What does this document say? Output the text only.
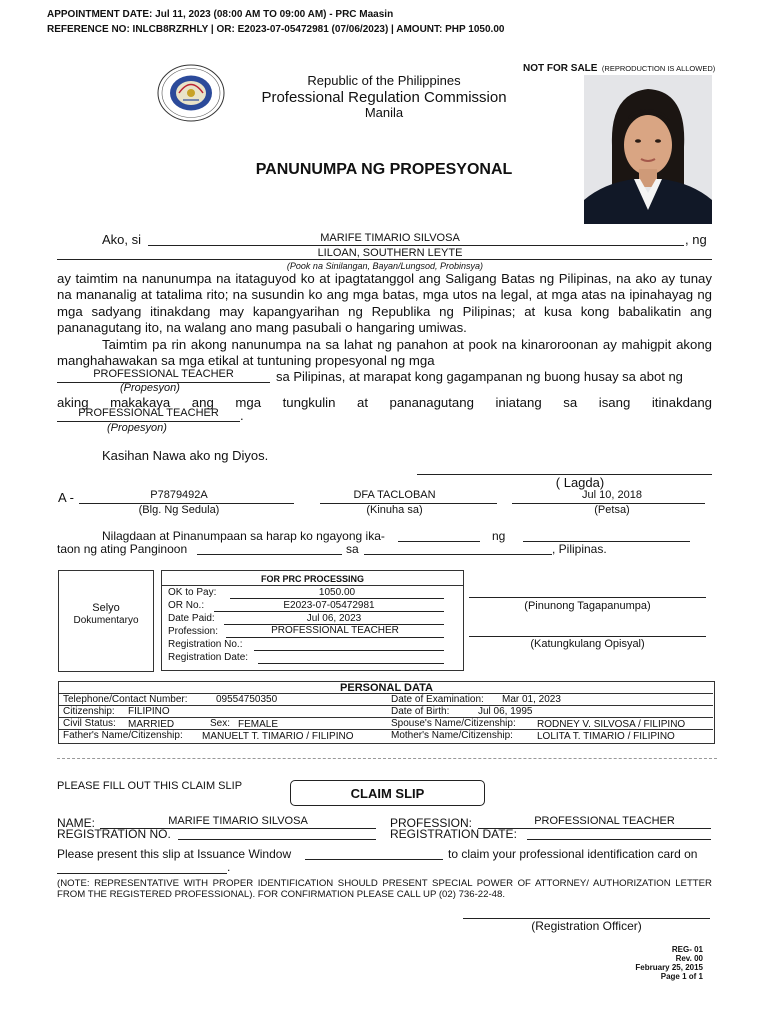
APPOINTMENT DATE: Jul 11, 2023 (08:00 AM TO 09:00 AM) - PRC Maasin
REFERENCE NO: INLCB8RZRHLY | OR: E2023-07-05472981 (07/06/2023) | AMOUNT: PHP 1050.00
NOT FOR SALE (REPRODUCTION IS ALLOWED)
Republic of the Philippines
Professional Regulation Commission
Manila
PANUNUMPA NG PROPESYONAL
Ako, si	MARIFE TIMARIO SILVOSA	, ng
LILOAN, SOUTHERN LEYTE
(Pook na Sinilangan, Bayan/Lungsod, Probinsya)
ay taimtim na nanunumpa na itataguyod ko at ipagtatanggol ang Saligang Batas ng Pilipinas, na ako ay tunay na mananalig at tatalima rito; na susundin ko ang mga batas, mga utos na legal, at mga atas na ipinahayag ng mga sadyang itinakdang may kapangyarihan ng Republika ng Pilipinas; at kusa kong babalikatin ang pananagutang ito, na walang ano mang pasubali o hangaring umiwas.
Taimtim pa rin akong nanunumpa na sa lahat ng panahon at pook na kinaroroonan ay mahigpit akong manghahawakan sa mga etikal at tuntuning propesyonal ng mga
PROFESSIONAL TEACHER	sa Pilipinas, at marapat kong gagampanan ng buong husay sa abot ng
(Propesyon)
aking makakaya ang mga tungkulin at pananagutang iniatang sa isang itinakdang
PROFESSIONAL TEACHER	.
(Propesyon)
Kasihan Nawa ako ng Diyos.
( Lagda)
A -	P7879492A
(Blg. Ng Sedula)
DFA TACLOBAN
(Kinuha sa)
Jul 10, 2018
(Petsa)
Nilagdaan at Pinanumpaan sa harap ko ngayong ika-	ng
taon ng ating Panginoon	sa	, Pilipinas.
Selyo
Dokumentaryo
FOR PRC PROCESSING
OK to Pay:	1050.00
OR No.:	E2023-07-05472981
Date Paid:	Jul 06, 2023
Profession:	PROFESSIONAL TEACHER
Registration No.:
Registration Date:
(Pinunong Tagapanumpa)
(Katungkulang Opisyal)
PERSONAL DATA
Telephone/Contact Number:	09554750350	Date of Examination: Mar 01, 2023
Citizenship: FILIPINO	Date of Birth:	Jul 06, 1995
Civil Status: MARRIED	Sex: FEMALE	Spouse's Name/Citizenship: RODNEY V. SILVOSA / FILIPINO
Father's Name/Citizenship: MANUELT T. TIMARIO / FILIPINO	Mother's Name/Citizenship: LOLITA T. TIMARIO / FILIPINO
PLEASE FILL OUT THIS CLAIM SLIP	CLAIM SLIP
NAME:	MARIFE TIMARIO SILVOSA	PROFESSION:	PROFESSIONAL TEACHER
REGISTRATION NO.	REGISTRATION DATE:
Please present this slip at Issuance Window	to claim your professional identification card on
.
(NOTE: REPRESENTATIVE WITH PROPER IDENTIFICATION SHOULD PRESENT SPECIAL POWER OF ATTORNEY/ AUTHORIZATION LETTER FROM THE REGISTERED PROFESSIONAL). FOR CONFIRMATION PLEASE CALL UP (02) 736-22-48.
(Registration Officer)
REG- 01
Rev. 00
February 25, 2015
Page 1 of 1
